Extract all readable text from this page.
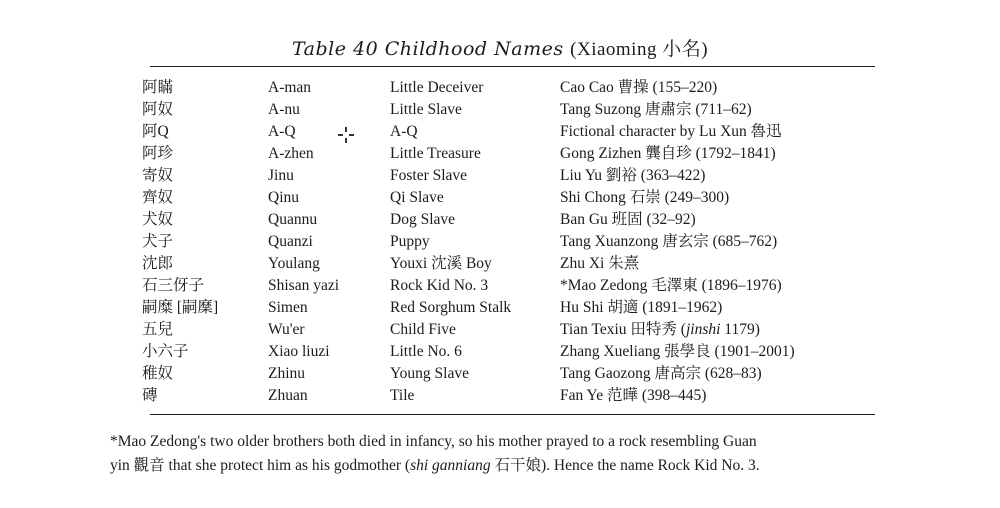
Table 40 Childhood Names (Xiaoming 小名)
阿瞞	A-man	Little Deceiver	Cao Cao 曹操 (155–220)
阿奴	A-nu	Little Slave	Tang Suzong 唐肅宗 (711–62)
阿Q	A-Q	A-Q	Fictional character by Lu Xun 魯迅
阿珍	A-zhen	Little Treasure	Gong Zizhen 龔自珍 (1792–1841)
寄奴	Jinu	Foster Slave	Liu Yu 劉裕 (363–422)
齊奴	Qinu	Qi Slave	Shi Chong 石崇 (249–300)
犬奴	Quannu	Dog Slave	Ban Gu 班固 (32–92)
犬子	Quanzi	Puppy	Tang Xuanzong 唐玄宗 (685–762)
沈郎	Youlang	Youxi 沈溪 Boy	Zhu Xi 朱熹
石三伢子	Shisan yazi	Rock Kid No. 3	*Mao Zedong 毛澤東 (1896–1976)
嗣糜 [嗣穈]	Simen	Red Sorghum Stalk	Hu Shi 胡適 (1891–1962)
五兒	Wu'er	Child Five	Tian Texiu 田特秀 (jinshi 1179)
小六子	Xiao liuzi	Little No. 6	Zhang Xueliang 張學良 (1901–2001)
稚奴	Zhinu	Young Slave	Tang Gaozong 唐高宗 (628–83)
磚	Zhuan	Tile	Fan Ye 范曄 (398–445)

*Mao Zedong's two older brothers both died in infancy, so his mother prayed to a rock resembling Guan

yin 觀音 that she protect him as his godmother (shi ganniang 石干娘). Hence the name Rock Kid No. 3.
